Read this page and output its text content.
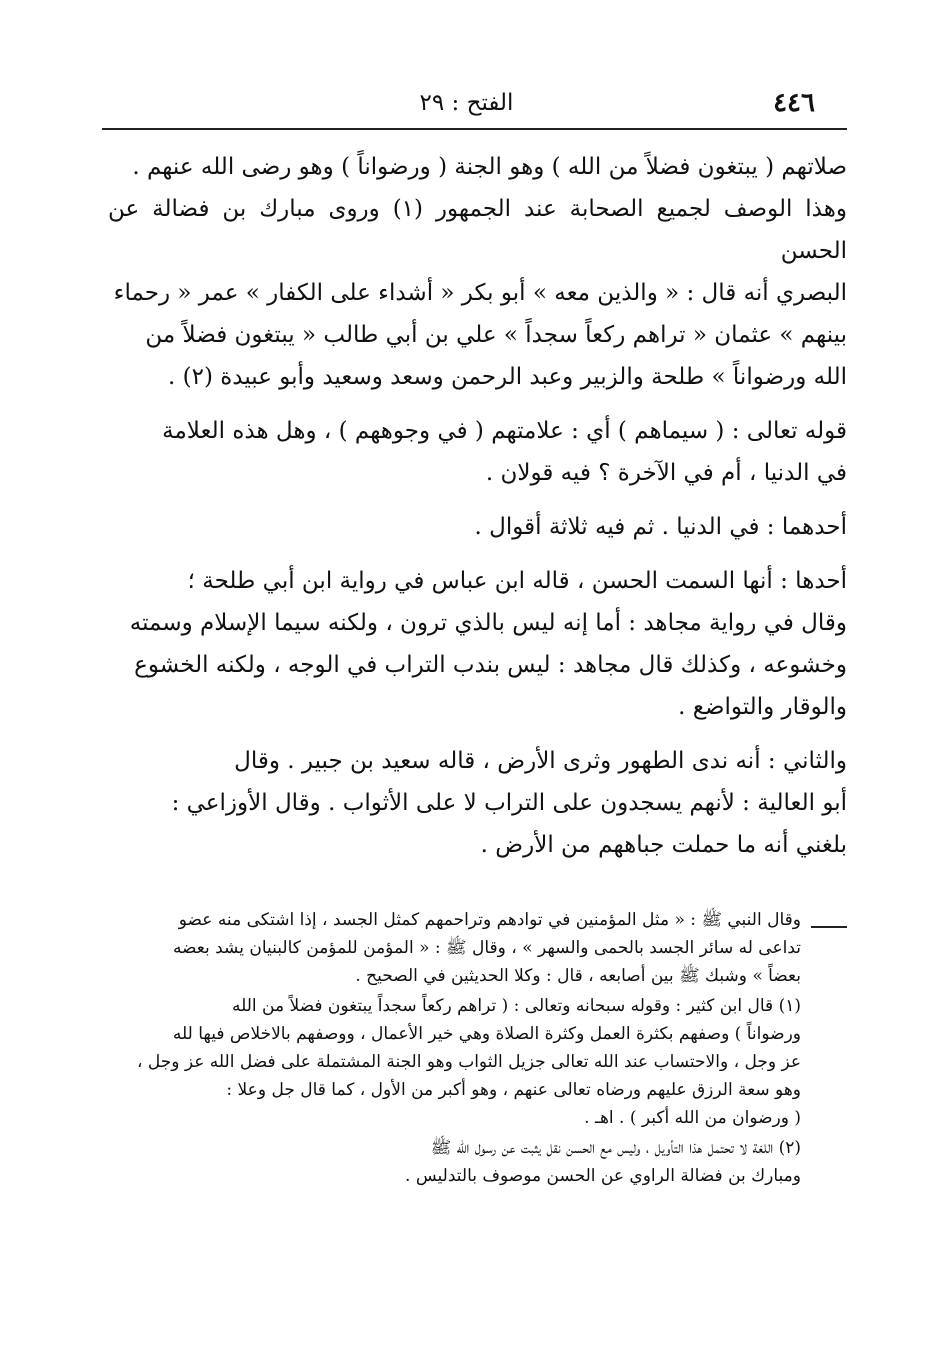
٤٤٦
الفتح : ٢٩

صلاتهم ( يبتغون فضلاً من الله ) وهو الجنة ( ورضواناً ) وهو رضى الله عنهم .

وهذا الوصف لجميع الصحابة عند الجمهور (١) وروى مبارك بن فضالة عن الحسن

البصري أنه قال : « والذين معه » أبو بكر « أشداء على الكفار » عمر « رحماء

بينهم » عثمان « تراهم ركعاً سجداً » علي بن أبي طالب « يبتغون فضلاً من

الله ورضواناً » طلحة والزبير وعبد الرحمن وسعد وسعيد وأبو عبيدة (٢) .

قوله تعالى : ( سيماهم ) أي : علامتهم ( في وجوههم ) ، وهل هذه العلامة

في الدنيا ، أم في الآخرة ؟ فيه قولان .

أحدهما : في الدنيا . ثم فيه ثلاثة أقوال .

أحدها : أنها السمت الحسن ، قاله ابن عباس في رواية ابن أبي طلحة ؛

وقال في رواية مجاهد : أما إنه ليس بالذي ترون ، ولكنه سيما الإسلام وسمته

وخشوعه ، وكذلك قال مجاهد : ليس بندب التراب في الوجه ، ولكنه الخشوع

والوقار والتواضع .

والثاني : أنه ندى الطهور وثرى الأرض ، قاله سعيد بن جبير . وقال

أبو العالية : لأنهم يسجدون على التراب لا على الأثواب . وقال الأوزاعي :

بلغني أنه ما حملت جباههم من الأرض .

وقال النبي ﷺ : « مثل المؤمنين في توادهم وتراحمهم كمثل الجسد ، إذا اشتكى منه عضو

تداعى له سائر الجسد بالحمى والسهر » ، وقال ﷺ : « المؤمن للمؤمن كالبنيان يشد بعضه

بعضاً » وشبك ﷺ بين أصابعه ، قال : وكلا الحديثين في الصحيح .

(١) قال ابن كثير : وقوله سبحانه وتعالى : ( تراهم ركعاً سجداً يبتغون فضلاً من الله

ورضواناً ) وصفهم بكثرة العمل وكثرة الصلاة وهي خير الأعمال ، ووصفهم بالاخلاص فيها لله

عز وجل ، والاحتساب عند الله تعالى جزيل الثواب وهو الجنة المشتملة على فضل الله عز وجل ،

وهو سعة الرزق عليهم ورضاه تعالى عنهم ، وهو أكبر من الأول ، كما قال جل وعلا :

( ورضوان من الله أكبر ) . اهـ .

(٢) اللغة لا تحتمل هذا التأويل ، وليس مع الحسن نقل يثبت عن رسول الله ﷺ

ومبارك بن فضالة الراوي عن الحسن موصوف بالتدليس .
